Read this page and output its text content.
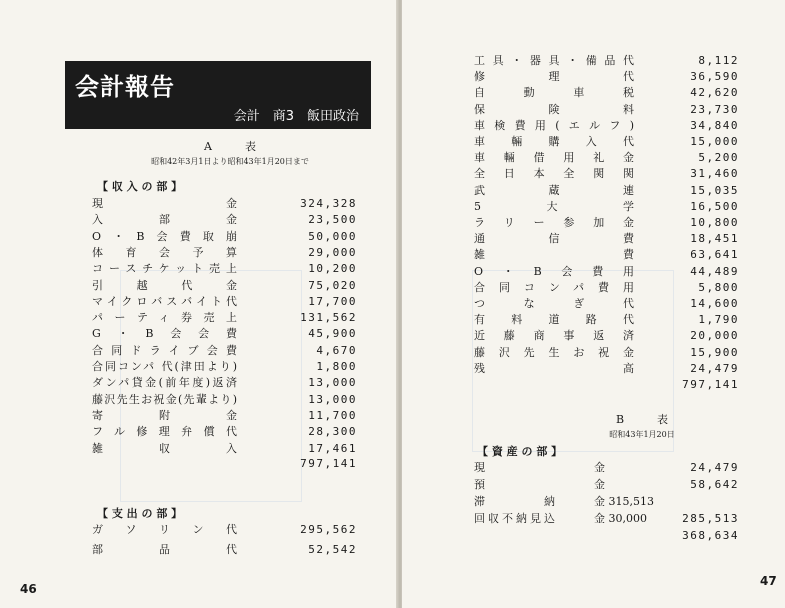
会計報告
会計　商3　飯田政治
A　　　表
昭和42年3月1日より昭和43年1月20日まで
【 収 入 の 部 】
現金	324,328
入部金	23,500
O・B会費取崩	50,000
体育会予算	29,000
コースチケット売上	10,200
引越代金	75,020
マイクロバスバイト代	17,700
パーティ券売上	131,562
G・B会会費	45,900
合同ドライブ会費	4,670
合同コンパ 代(津田より)	1,800
ダンパ貸金(前年度)返済	13,000
藤沢先生お祝金(先輩より)	13,000
寄附金	11,700
フル修理弁償代	28,300
雑収入	17,461
797,141
【 支 出 の 部 】
ガソリン代	295,562
部品代	52,542
46
工具・器具・備品代	8,112
修理代	36,590
自動車税	42,620
保険料	23,730
車検費用(エルフ)	34,840
車輛購入代	15,000
車輛借用礼金	5,200
全日本全関関	31,460
武蔵連	15,035
5大学	16,500
ラリー参加金	10,800
通信費	18,451
雑費	63,641
O・B会費用	44,489
合同コンパ費用	5,800
つなぎ代	14,600
有料道路代	1,790
近藤商事返済	20,000
藤沢先生お祝金	15,900
残高	24,479
797,141
B　　　表
昭和43年1月20日
【 資 産 の 部 】
現	金	24,479
預	金	58,642
滞　　　　納	金 315,513
回収不納見込	金 30,000	285,513
368,634
47
